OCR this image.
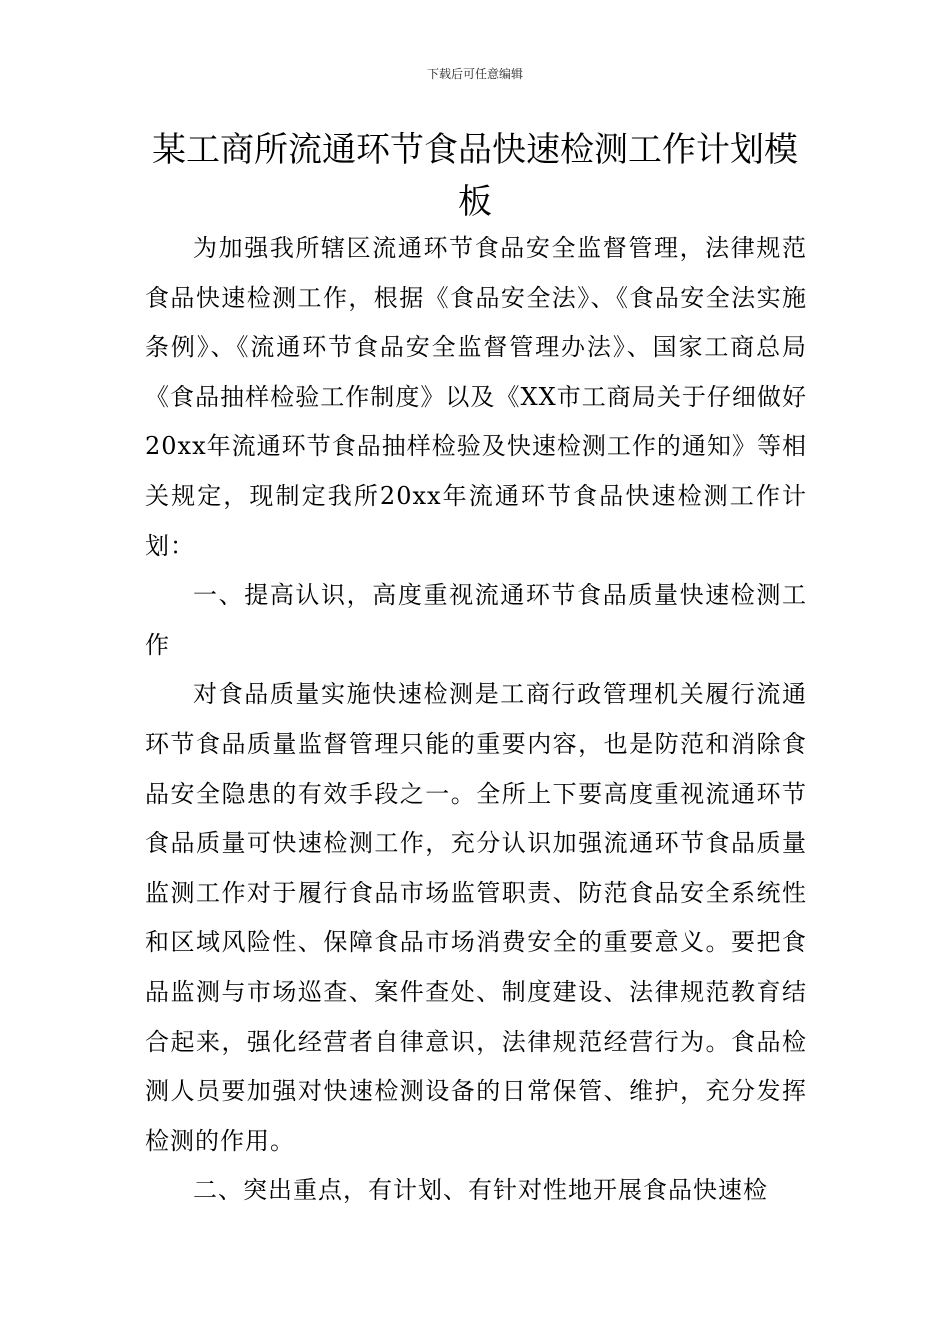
下载后可任意编辑
某工商所流通环节食品快速检测工作计划模板

为加强我所辖区流通环节食品安全监督管理，法律规范食品快速检测工作，根据《食品安全法》、《食品安全法实施条例》、《流通环节食品安全监督管理办法》、国家工商总局《食品抽样检验工作制度》以及《XX市工商局关于仔细做好20xx年流通环节食品抽样检验及快速检测工作的通知》等相关规定，现制定我所20xx年流通环节食品快速检测工作计划：

一、提高认识，高度重视流通环节食品质量快速检测工作

对食品质量实施快速检测是工商行政管理机关履行流通环节食品质量监督管理只能的重要内容，也是防范和消除食品安全隐患的有效手段之一。全所上下要高度重视流通环节食品质量可快速检测工作，充分认识加强流通环节食品质量监测工作对于履行食品市场监管职责、防范食品安全系统性和区域风险性、保障食品市场消费安全的重要意义。要把食品监测与市场巡查、案件查处、制度建设、法律规范教育结合起来，强化经营者自律意识，法律规范经营行为。食品检测人员要加强对快速检测设备的日常保管、维护，充分发挥检测的作用。

二、突出重点，有计划、有针对性地开展食品快速检
